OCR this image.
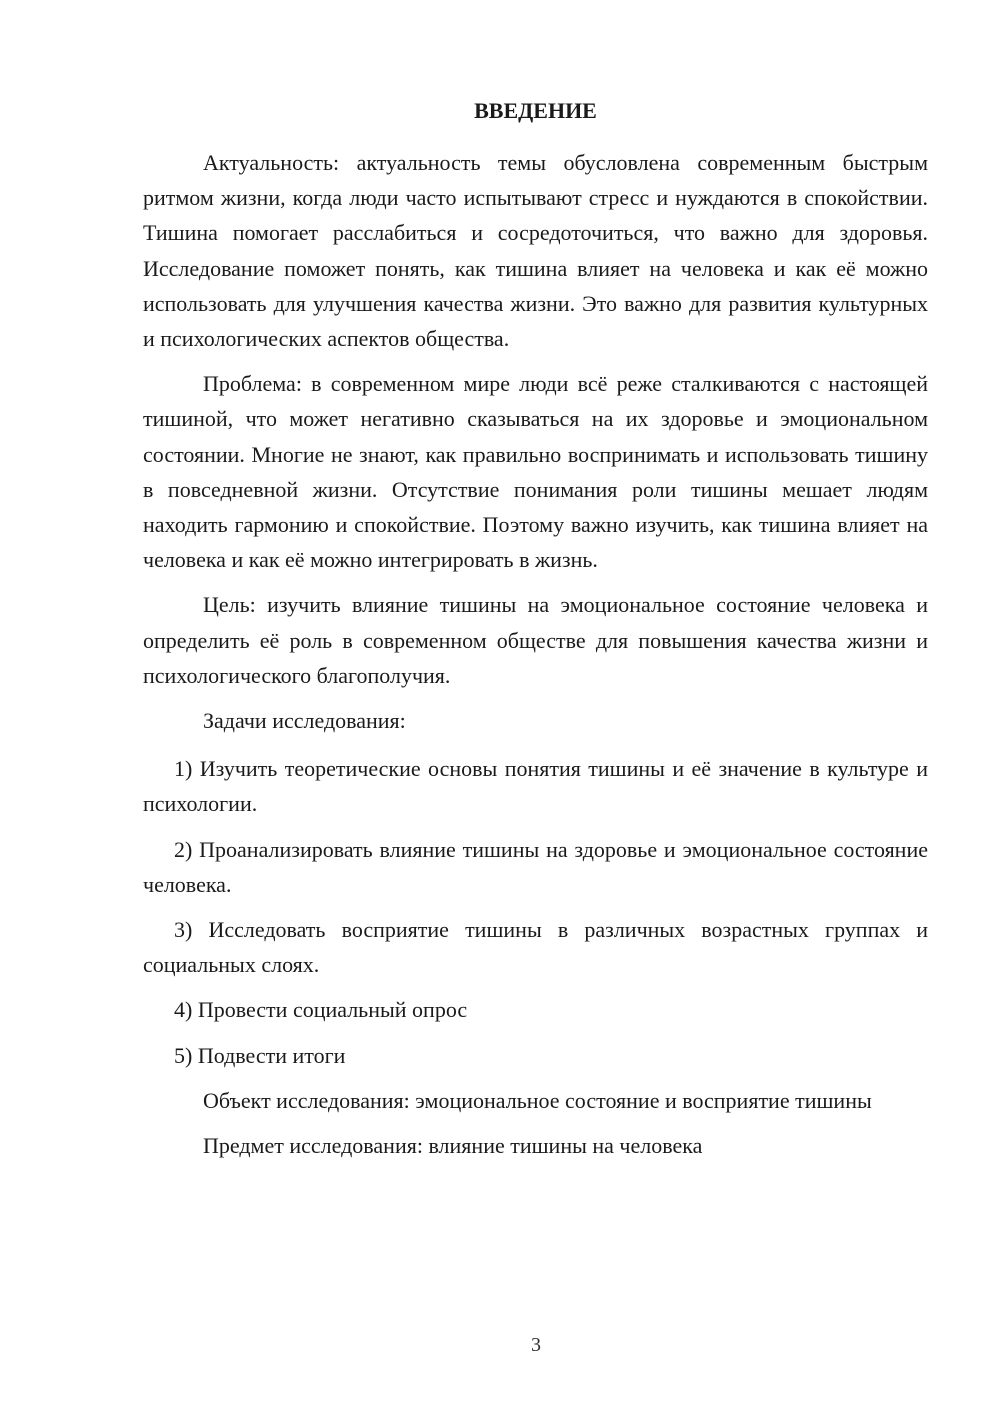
ВВЕДЕНИЕ

Актуальность: актуальность темы обусловлена современным быстрым ритмом жизни, когда люди часто испытывают стресс и нуждаются в спокойствии. Тишина помогает расслабиться и сосредоточиться, что важно для здоровья. Исследование поможет понять, как тишина влияет на человека и как её можно использовать для улучшения качества жизни. Это важно для развития культурных и психологических аспектов общества.

Проблема: в современном мире люди всё реже сталкиваются с настоящей тишиной, что может негативно сказываться на их здоровье и эмоциональном состоянии. Многие не знают, как правильно воспринимать и использовать тишину в повседневной жизни. Отсутствие понимания роли тишины мешает людям находить гармонию и спокойствие. Поэтому важно изучить, как тишина влияет на человека и как её можно интегрировать в жизнь.

Цель: изучить влияние тишины на эмоциональное состояние человека и определить её роль в современном обществе для повышения качества жизни и психологического благополучия.

Задачи исследования:

1) Изучить теоретические основы понятия тишины и её значение в культуре и психологии.

2) Проанализировать влияние тишины на здоровье и эмоциональное состояние человека.

3) Исследовать восприятие тишины в различных возрастных группах и социальных слоях.

4) Провести социальный опрос

5) Подвести итоги

Объект исследования: эмоциональное состояние и восприятие тишины

Предмет исследования: влияние тишины на человека

3
